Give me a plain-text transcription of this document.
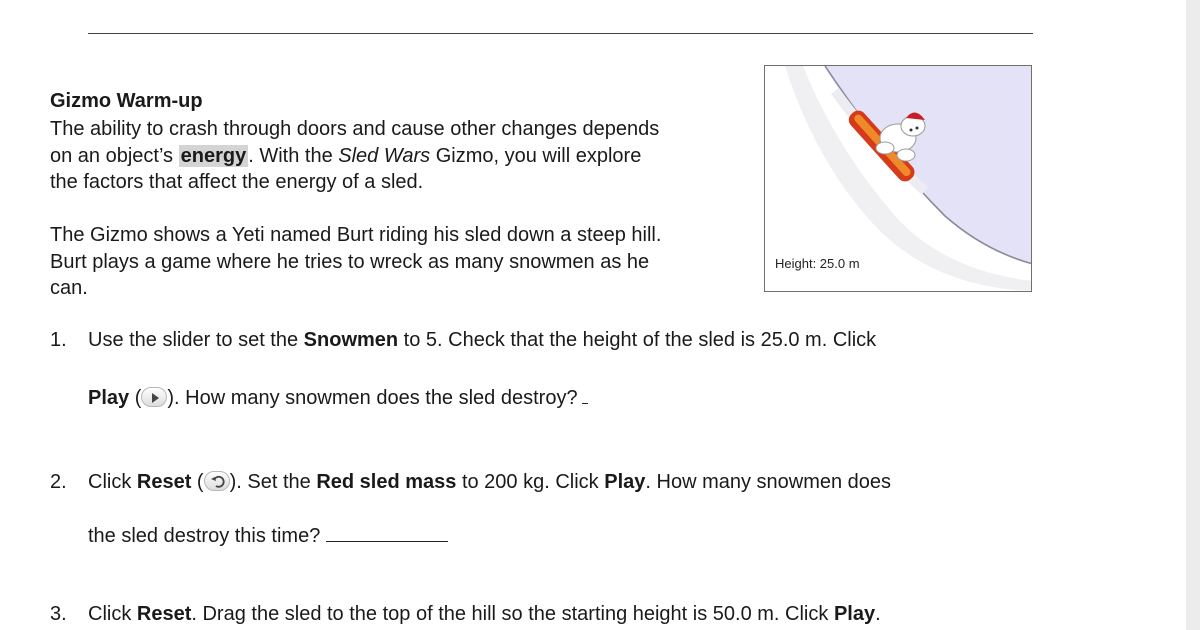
Gizmo Warm-up
The ability to crash through doors and cause other changes depends on an object’s energy . With the Sled Wars Gizmo, you will explore the factors that affect the energy of a sled.
The Gizmo shows a Yeti named Burt riding his sled down a steep hill. Burt plays a game where he tries to wreck as many snowmen as he can.
Height: 25.0 m
1. Use the slider to set the Snowmen to 5. Check that the height of the sled is 25.0 m. Click
Play ( ). How many snowmen does the sled destroy?
2. Click Reset ( ). Set the Red sled mass to 200 kg. Click Play. How many snowmen does
the sled destroy this time?
3. Click Reset. Drag the sled to the top of the hill so the starting height is 50.0 m. Click Play.
